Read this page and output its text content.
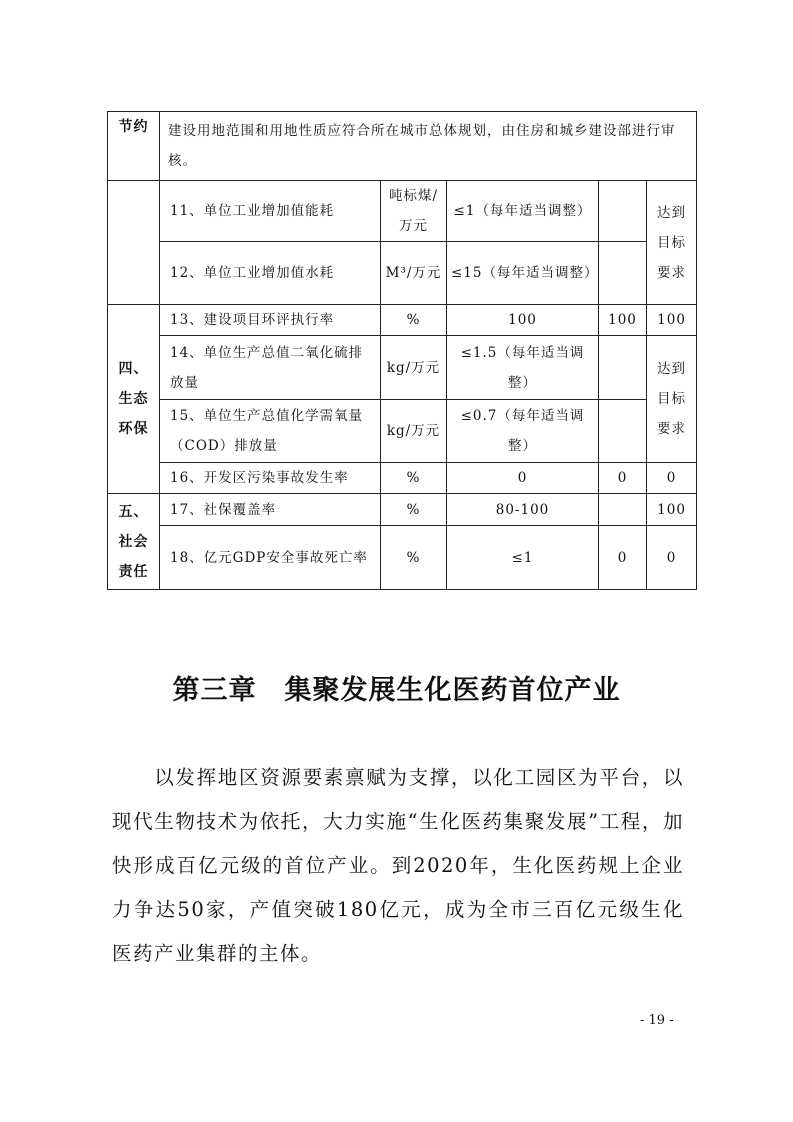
节约	建设用地范围和用地性质应符合所在城市总体规划，由住房和城乡建设部进行审核。				
	11、单位工业增加值能耗	吨标煤/万元	≤1（每年适当调整）		达到目标要求
	12、单位工业增加值水耗	M³/万元	≤15（每年适当调整）		
四、生态环保	13、建设项目环评执行率	%	100	100	100
	14、单位生产总值二氧化硫排放量	kg/万元	≤1.5（每年适当调整）		达到目标要求
	15、单位生产总值化学需氧量（COD）排放量	kg/万元	≤0.7（每年适当调整）		
	16、开发区污染事故发生率	%	0	0	0
五、社会责任	17、社保覆盖率	%	80-100		100
	18、亿元GDP安全事故死亡率	%	≤1	0	0
第三章　集聚发展生化医药首位产业
以发挥地区资源要素禀赋为支撑，以化工园区为平台，以现代生物技术为依托，大力实施“生化医药集聚发展”工程，加快形成百亿元级的首位产业。到2020年，生化医药规上企业力争达50家，产值突破180亿元，成为全市三百亿元级生化医药产业集群的主体。
- 19 -
